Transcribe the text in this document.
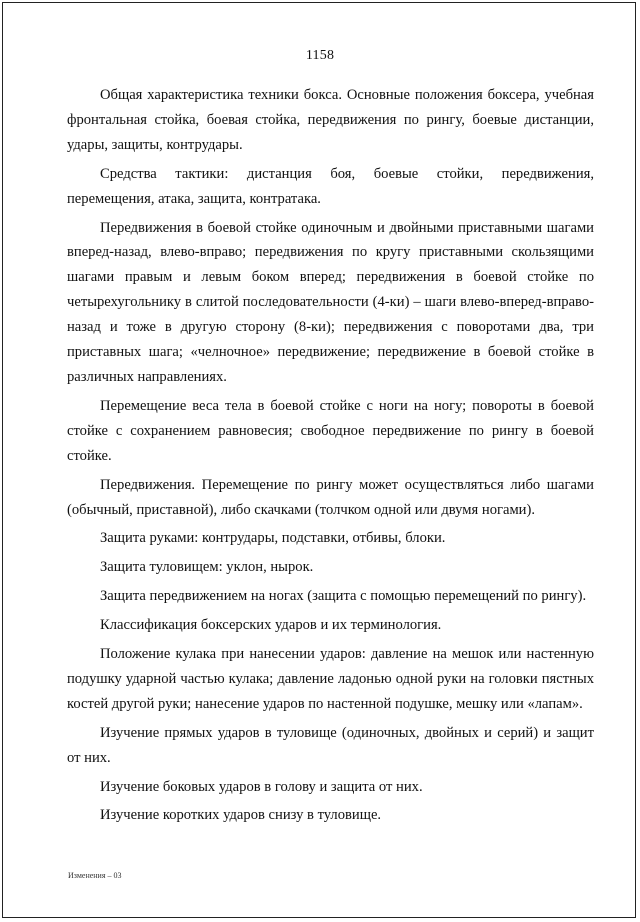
1158

Общая характеристика техники бокса. Основные положения боксера, учебная фронтальная стойка, боевая стойка, передвижения по рингу, боевые дистанции, удары, защиты, контрудары.

Средства тактики: дистанция боя, боевые стойки, передвижения, перемещения, атака, защита, контратака.

Передвижения в боевой стойке одиночным и двойными приставными шагами вперед-назад, влево-вправо; передвижения по кругу приставными скользящими шагами правым и левым боком вперед; передвижения в боевой стойке по четырехугольнику в слитой последовательности (4-ки) – шаги влево-вперед-вправо-назад и тоже в другую сторону (8-ки); передвижения с поворотами два, три приставных шага; «челночное» передвижение; передвижение в боевой стойке в различных направлениях.

Перемещение веса тела в боевой стойке с ноги на ногу; повороты в боевой стойке с сохранением равновесия; свободное передвижение по рингу в боевой стойке.

Передвижения. Перемещение по рингу может осуществляться либо шагами (обычный, приставной), либо скачками (толчком одной или двумя ногами).

Защита руками: контрудары, подставки, отбивы, блоки.

Защита туловищем: уклон, нырок.

Защита передвижением на ногах (защита с помощью перемещений по рингу).

Классификация боксерских ударов и их терминология.

Положение кулака при нанесении ударов: давление на мешок или настенную подушку ударной частью кулака; давление ладонью одной руки на головки пястных костей другой руки; нанесение ударов по настенной подушке, мешку или «лапам».

Изучение прямых ударов в туловище (одиночных, двойных и серий) и защит от них.

Изучение боковых ударов в голову и защита от них.

Изучение коротких ударов снизу в туловище.

Изменения – 03
